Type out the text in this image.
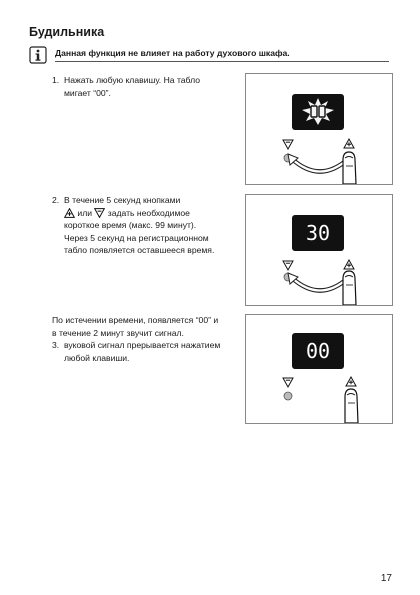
Будильника
Данная функция не влияет на работу духового шкафа.
1. Нажать любую клавишу. На табло
мигает “00”.
2. В течение 5 секунд кнопками
или  задать необходимое
короткое время (макс. 99 минут).
Через 5 секунд на регистрационном
табло появляется оставшееся время.
По истечении времени, появляется “00” и
в течение 2 минут звучит сигнал.
3. вуковой сигнал прерывается нажатием
любой клавиши.
30
00
17
